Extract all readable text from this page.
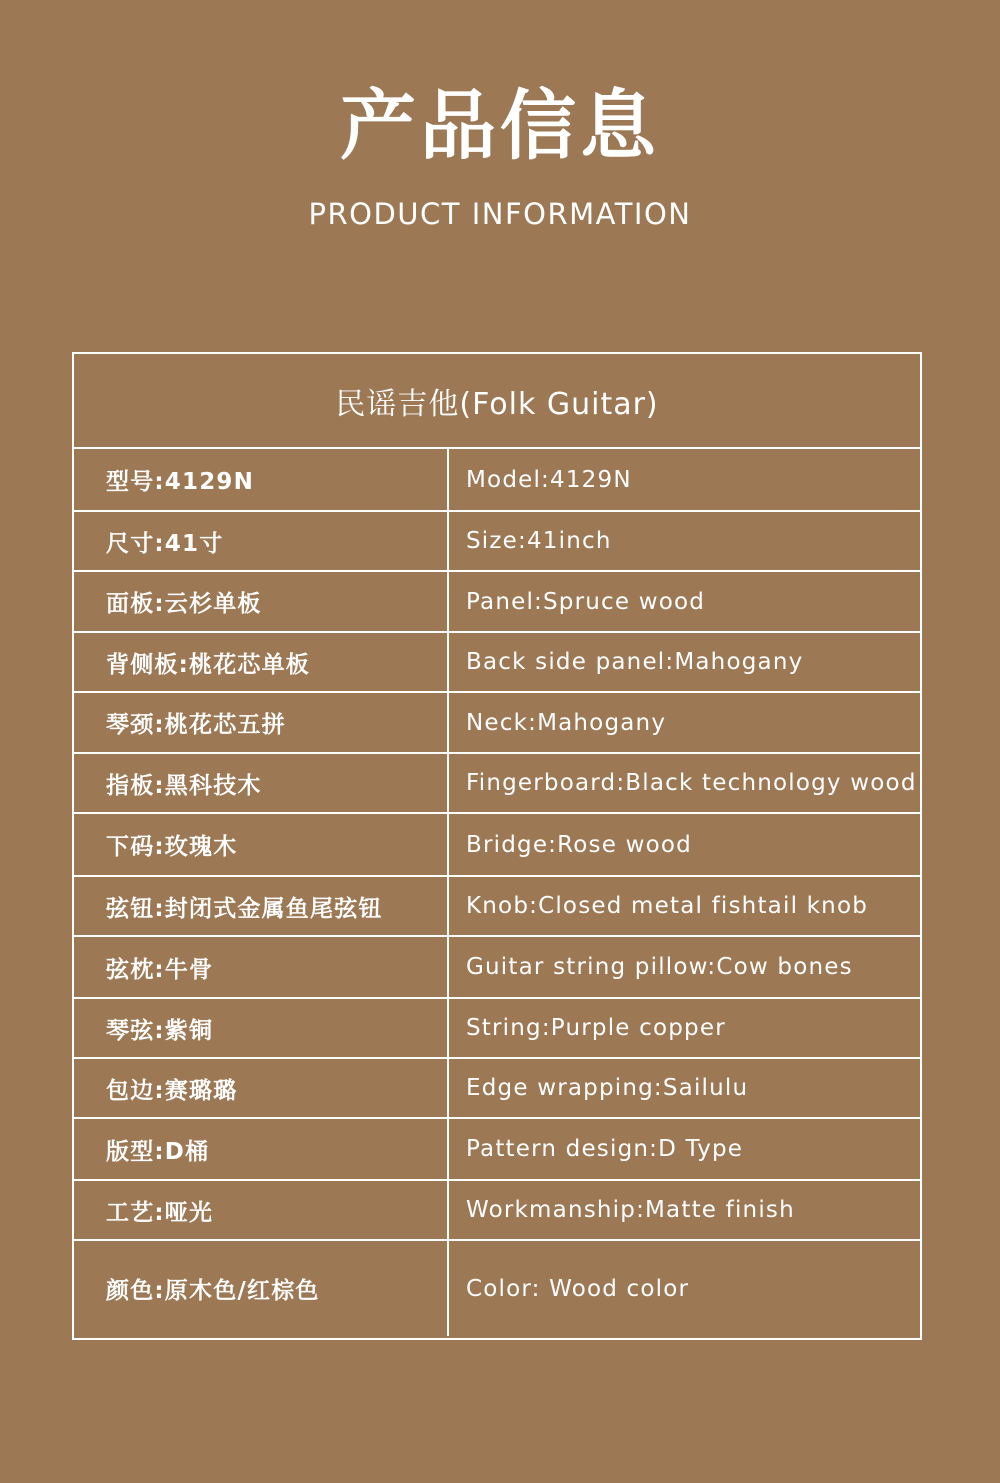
产品信息
PRODUCT INFORMATION
民谣吉他(Folk Guitar)
型号:4129N	Model:4129N
尺寸:41寸	Size:41inch
面板:云杉单板	Panel:Spruce wood
背侧板:桃花芯单板	Back side panel:Mahogany
琴颈:桃花芯五拼	Neck:Mahogany
指板:黑科技木	Fingerboard:Black technology wood
下码:玫瑰木	Bridge:Rose wood
弦钮:封闭式金属鱼尾弦钮	Knob:Closed metal fishtail knob
弦枕:牛骨	Guitar string pillow:Cow bones
琴弦:紫铜	String:Purple copper
包边:赛璐璐	Edge wrapping:Sailulu
版型:D桶	Pattern design:D Type
工艺:哑光	Workmanship:Matte finish
颜色:原木色/红棕色	Color: Wood color
